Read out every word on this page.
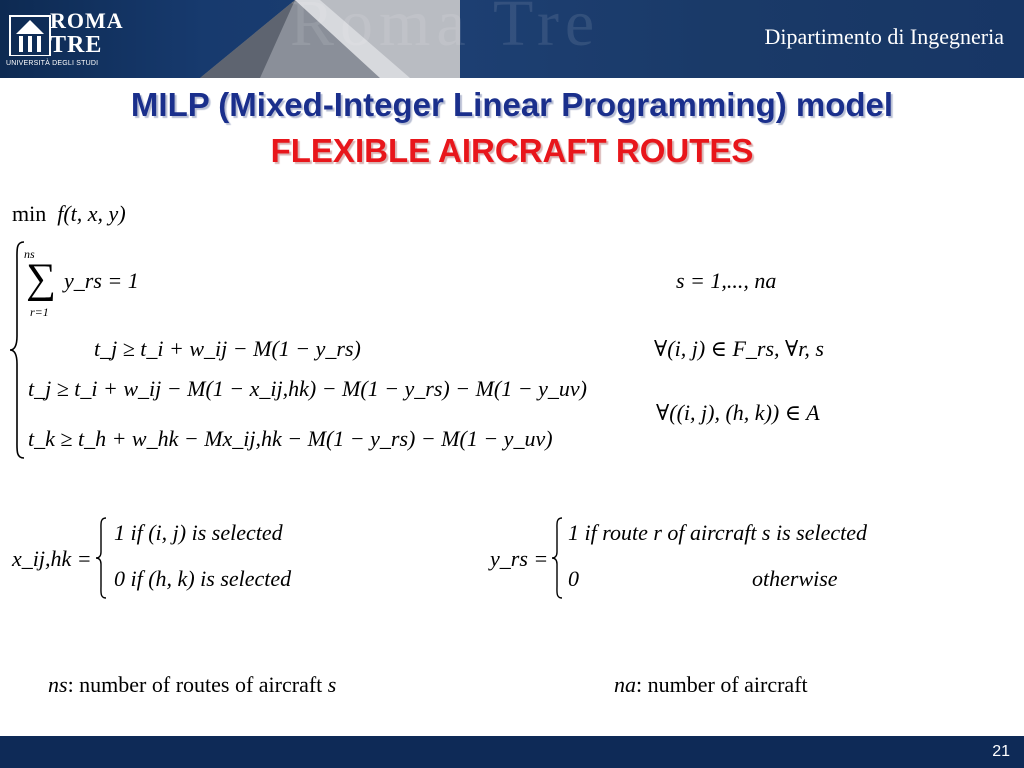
ROMA
TRE
UNIVERSITÀ DEGLI STUDI
Roma Tre	Dipartimento di Ingegneria
MILP (Mixed-Integer Linear Programming) model
FLEXIBLE AIRCRAFT ROUTES
min f(t, x, y)
ns
∑
r=1
y_rs = 1	s = 1,..., na
t_j ≥ t_i + w_ij − M(1 − y_rs)	∀(i, j) ∈ F_rs, ∀r, s
t_j ≥ t_i + w_ij − M(1 − x_ij,hk) − M(1 − y_rs) − M(1 − y_uv)
t_k ≥ t_h + w_hk − Mx_ij,hk − M(1 − y_rs) − M(1 − y_uv)
∀((i, j), (h, k)) ∈ A
x_ij,hk =
1 if (i, j) is selected
0 if (h, k) is selected
y_rs =
1 if route r of aircraft s is selected
0	otherwise
ns: number of routes of aircraft s	na: number of aircraft
21
